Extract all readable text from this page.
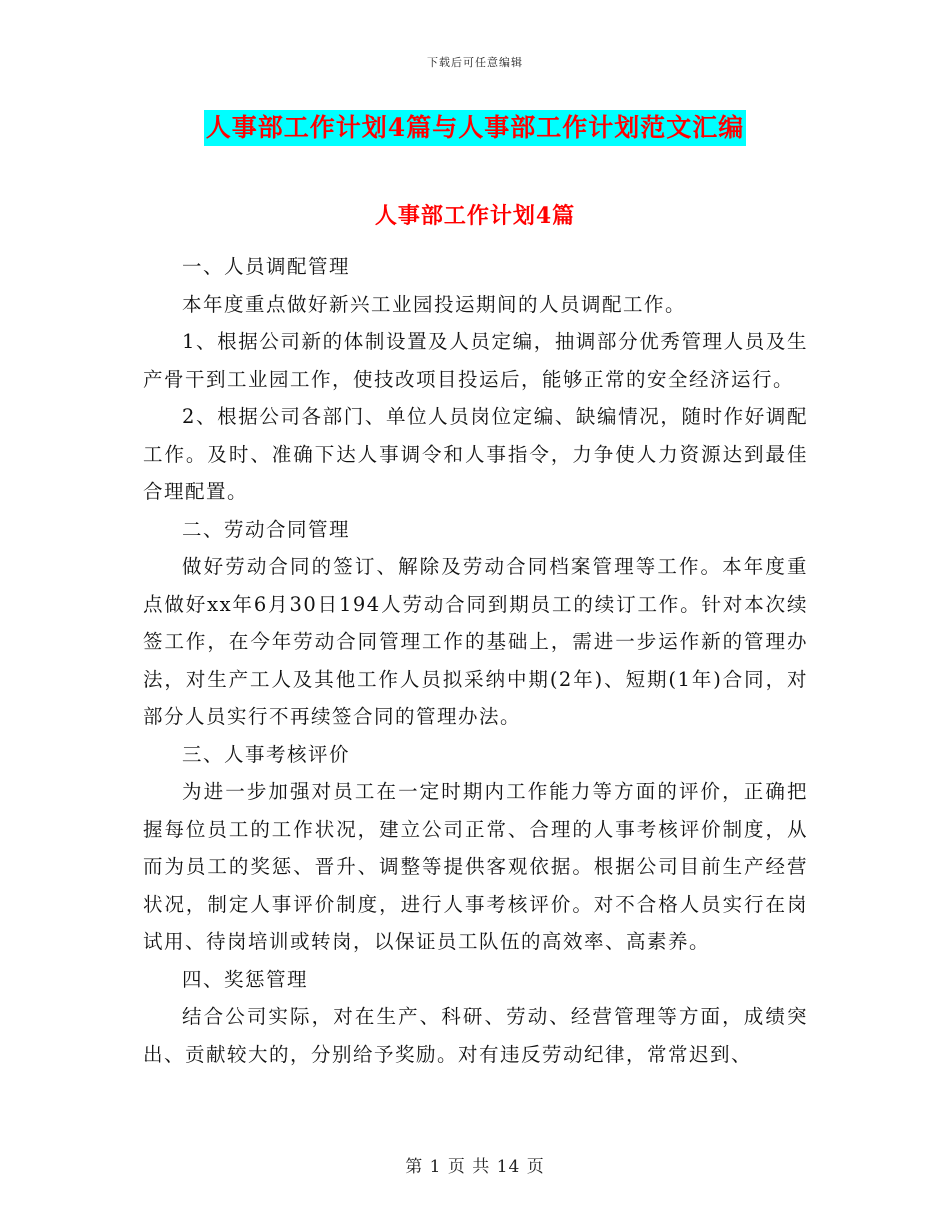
下载后可任意编辑
人事部工作计划4篇与人事部工作计划范文汇编
人事部工作计划4篇

一、人员调配管理

本年度重点做好新兴工业园投运期间的人员调配工作。

1、根据公司新的体制设置及人员定编，抽调部分优秀管理人员及生产骨干到工业园工作，使技改项目投运后，能够正常的安全经济运行。

2、根据公司各部门、单位人员岗位定编、缺编情况，随时作好调配工作。及时、准确下达人事调令和人事指令，力争使人力资源达到最佳合理配置。

二、劳动合同管理

做好劳动合同的签订、解除及劳动合同档案管理等工作。本年度重点做好xx年6月30日194人劳动合同到期员工的续订工作。针对本次续签工作，在今年劳动合同管理工作的基础上，需进一步运作新的管理办法，对生产工人及其他工作人员拟采纳中期(2年)、短期(1年)合同，对部分人员实行不再续签合同的管理办法。

三、人事考核评价

为进一步加强对员工在一定时期内工作能力等方面的评价，正确把握每位员工的工作状况，建立公司正常、合理的人事考核评价制度，从而为员工的奖惩、晋升、调整等提供客观依据。根据公司目前生产经营状况，制定人事评价制度，进行人事考核评价。对不合格人员实行在岗试用、待岗培训或转岗，以保证员工队伍的高效率、高素养。

四、奖惩管理

结合公司实际，对在生产、科研、劳动、经营管理等方面，成绩突出、贡献较大的，分别给予奖励。对有违反劳动纪律，常常迟到、

第 1 页 共 14 页
